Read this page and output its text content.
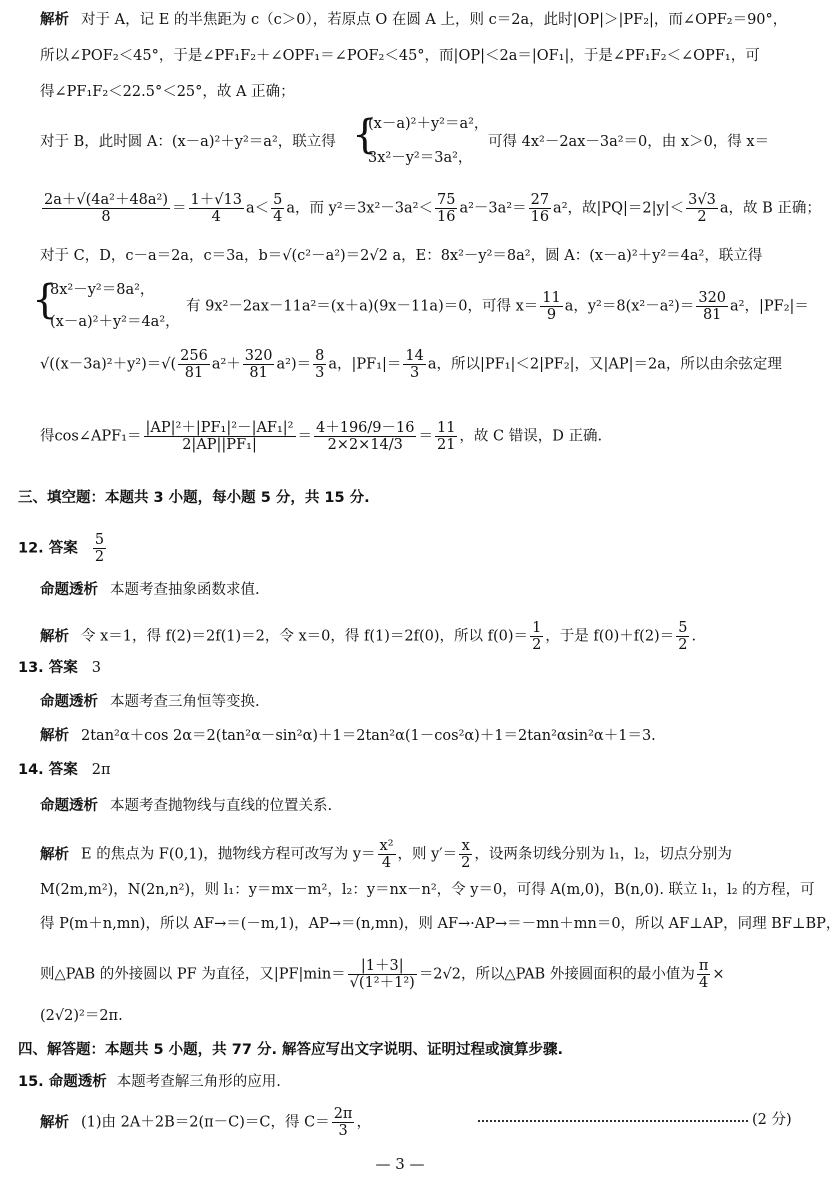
解析 对于 A，记 E 的半焦距为 c（c＞0），若原点 O 在圆 A 上，则 c＝2a，此时|OP|＞|PF₂|，而∠OPF₂＝90°，
所以∠POF₂＜45°，于是∠PF₁F₂＋∠OPF₁＝∠POF₂＜45°，而|OP|＜2a＝|OF₁|，于是∠PF₁F₂＜∠OPF₁，可
得∠PF₁F₂＜22.5°＜25°，故 A 正确；
对于 B，此时圆 A：(x－a)²＋y²＝a²，联立得 {
(x－a)²＋y²＝a²，
3x²－y²＝3a²，
可得 4x²－2ax－3a²＝0，由 x＞0，得 x＝
$\frac{\text{2a＋√(4a²＋48a²)}}{8} = \frac{1+√13}{4} a< \frac{5}{4}$ a，而 $y^2=3x^2-3a^2< \frac{75}{16} a^2-3a^2= \frac{27}{16} a^2$，故$|PQ|=2|y|< \frac{3√3}{2}$ a，故 B 正确；
对于 C，D，c－a＝2a，c＝3a，b＝√(c²－a²)＝2√2 a，E：8x²－y²＝8a²，圆 A：(x－a)²＋y²＝4a²，联立得
{
8x²－y²＝8a²，
(x－a)²＋y²＝4a²，
有 9x²－2ax－11a²＝(x＋a)(9x－11a)＝0，可得 $x= \frac{11}{9}$ a，$y^2=8(x^2-a^2)= \frac{320}{81} a^2$，|PF₂|＝
$√((x-3a)^2+y^2)=√( \frac{256}{81} a^2+ \frac{320}{81} a^2)= \frac{8}{3}$ a，$|PF_1|= \frac{14}{3}$ a，所以|PF₁|＜2|PF₂|，又|AP|＝2a，所以由余弦定理
得cos∠APF₁＝ $\frac{\text{|AP|²＋|PF₁|²－|AF₁|²}}{\text{2|AP||PF₁|}} = \frac{4+196/9-16}{2\times 2\times 14/3} = \frac{11}{21}$ ，故 C 错误，D 正确.
三、填空题：本题共 3 小题，每小题 5 分，共 15 分.
12. 答案 $\frac{5}{2}$
命题透析 本题考查抽象函数求值.
解析 令 x＝1，得 f(2)＝2f(1)＝2，令 x＝0，得 f(1)＝2f(0)，所以 $f(0)= \frac{1}{2}$ ，于是 $f(0)+f(2)= \frac{5}{2}$ .
13. 答案 3
命题透析 本题考查三角恒等变换.
解析 2tan²α＋cos 2α＝2(tan²α－sin²α)＋1＝2tan²α(1－cos²α)＋1＝2tan²αsin²α＋1＝3.
14. 答案 2π
命题透析 本题考查抛物线与直线的位置关系.
解析 E 的焦点为 F(0,1)，抛物线方程可改写为 $y= \frac{\text{x²}}{4}$ ，则 $y'= \frac{x}{2}$ ，设两条切线分别为 l₁，l₂，切点分别为
M(2m,m²)，N(2n,n²)，则 l₁：y＝mx－m²，l₂：y＝nx－n²，令 y＝0，可得 A(m,0)，B(n,0). 联立 l₁，l₂ 的方程，可
得 P(m＋n,mn)，所以 AF→＝(－m,1)，AP→＝(n,mn)，则 AF→·AP→＝－mn＋mn＝0，所以 AF⊥AP，同理 BF⊥BP，
则△PAB 的外接圆以 PF 为直径，又$|PF|\min= \frac{|1+3|}{\text{√(1²＋1²)}} =2√2$，所以△PAB 外接圆面积的最小值为 $\frac{\pi}{4}$ ×
(2√2)²＝2π.
四、解答题：本题共 5 小题，共 77 分. 解答应写出文字说明、证明过程或演算步骤.
15. 命题透析 本题考查解三角形的应用.
解析 (1)由 2A＋2B＝2(π－C)＝C，得 $C= \frac{2\pi}{3}$ ，	(2 分)
— 3 —
